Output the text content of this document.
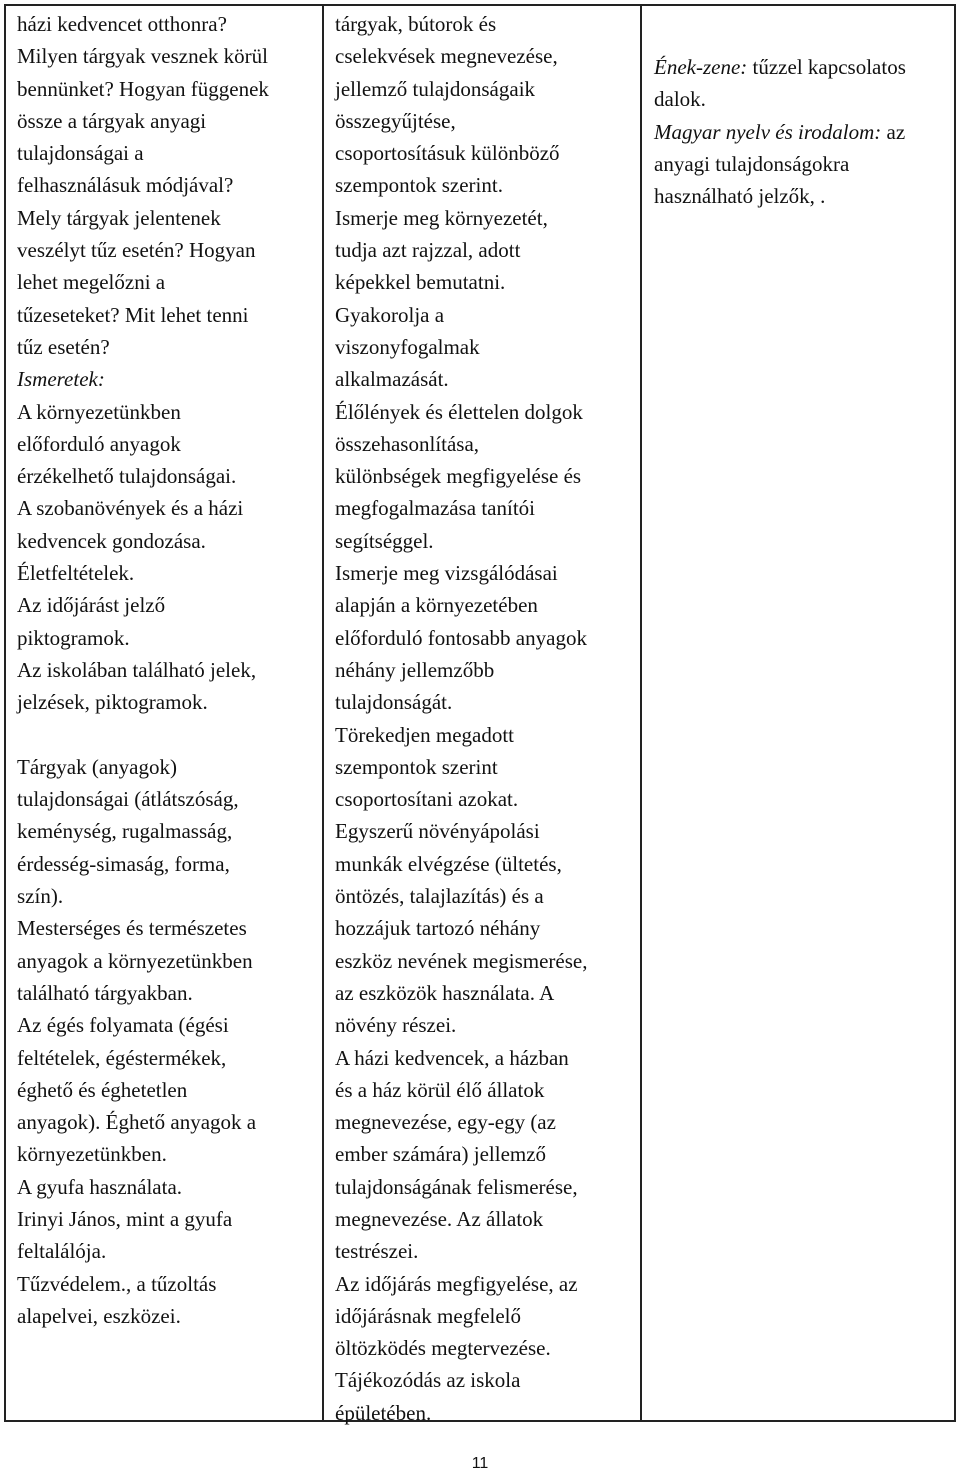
házi kedvencet otthonra?
Milyen tárgyak vesznek körül
bennünket? Hogyan függenek
össze a tárgyak anyagi
tulajdonságai a
felhasználásuk módjával?
Mely tárgyak jelentenek
veszélyt tűz esetén? Hogyan
lehet megelőzni a
tűzeseteket? Mit lehet tenni
tűz esetén?
Ismeretek:
A környezetünkben
előforduló anyagok
érzékelhető tulajdonságai.
A szobanövények és a házi
kedvencek gondozása.
Életfeltételek.
Az időjárást jelző
piktogramok.
Az iskolában található jelek,
jelzések, piktogramok.
Tárgyak (anyagok)
tulajdonságai (átlátszóság,
keménység, rugalmasság,
érdesség-simaság, forma,
szín).
Mesterséges és természetes
anyagok a környezetünkben
található tárgyakban.
Az égés folyamata (égési
feltételek, égéstermékek,
éghető és éghetetlen
anyagok). Éghető anyagok a
környezetünkben.
A gyufa használata.
Irinyi János, mint a gyufa
feltalálója.
Tűzvédelem., a tűzoltás
alapelvei, eszközei.
tárgyak, bútorok és
cselekvések megnevezése,
jellemző tulajdonságaik
összegyűjtése,
csoportosításuk különböző
szempontok szerint.
Ismerje meg környezetét,
tudja azt rajzzal, adott
képekkel bemutatni.
Gyakorolja a
viszonyfogalmak
alkalmazását.
Élőlények és élettelen dolgok
összehasonlítása,
különbségek megfigyelése és
megfogalmazása tanítói
segítséggel.
Ismerje meg vizsgálódásai
alapján a környezetében
előforduló fontosabb anyagok
néhány jellemzőbb
tulajdonságát.
Törekedjen megadott
szempontok szerint
csoportosítani azokat.
Egyszerű növényápolási
munkák elvégzése (ültetés,
öntözés, talajlazítás) és a
hozzájuk tartozó néhány
eszköz nevének megismerése,
az eszközök használata. A
növény részei.
A házi kedvencek, a házban
és a ház körül élő állatok
megnevezése, egy-egy (az
ember számára) jellemző
tulajdonságának felismerése,
megnevezése. Az állatok
testrészei.
Az időjárás megfigyelése, az
időjárásnak megfelelő
öltözködés megtervezése.
Tájékozódás az iskola
épületében.
Ének-zene: tűzzel kapcsolatos
dalok.
Magyar nyelv és irodalom: az
anyagi tulajdonságokra
használható jelzők, .
11
